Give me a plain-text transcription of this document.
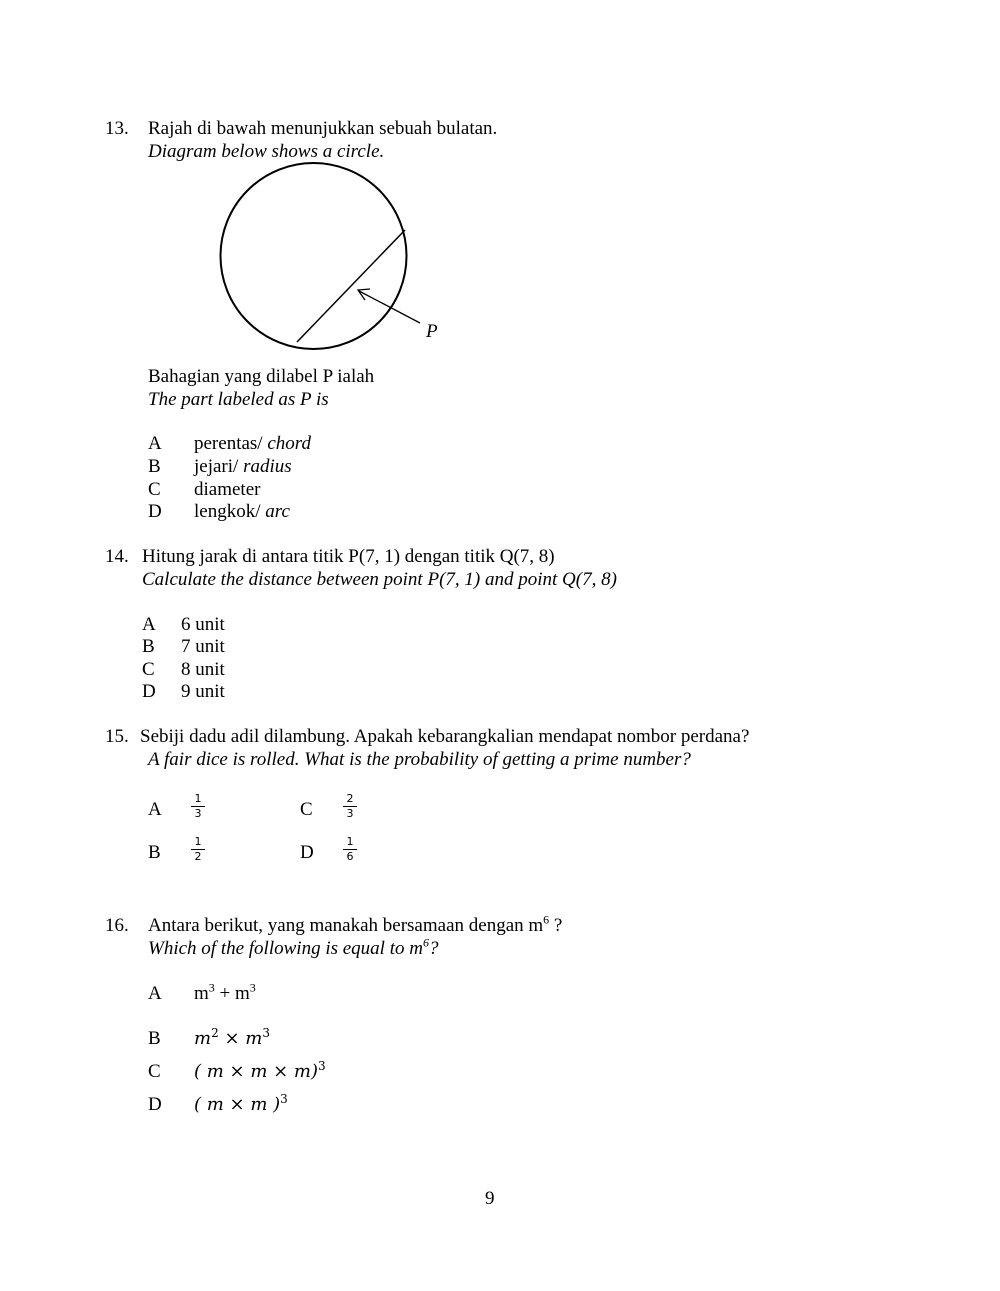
13. Rajah di bawah menunjukkan sebuah bulatan.
Diagram below shows a circle.
P
Bahagian yang dilabel P ialah
The part labeled as P is
A perentas/ chord
B jejari/ radius
C diameter
D lengkok/ arc
14. Hitung jarak di antara titik P(7, 1) dengan titik Q(7, 8)
Calculate the distance between point P(7, 1) and point Q(7, 8)
A 6 unit
B 7 unit
C 8 unit
D 9 unit
15. Sebiji dadu adil dilambung. Apakah kebarangkalian mendapat nombor perdana?
A fair dice is rolled. What is the probability of getting a prime number?
A
1
3	C
2
3
B
1
2	D
1
6
16. Antara berikut, yang manakah bersamaan dengan $m^6$ ?
Which of the following is equal to $m^6$?
A $m^3 + m^3$
B $m^2 \times m^3$
C ( m × m × m)$^3$
D ( m × m )$^3$
9
